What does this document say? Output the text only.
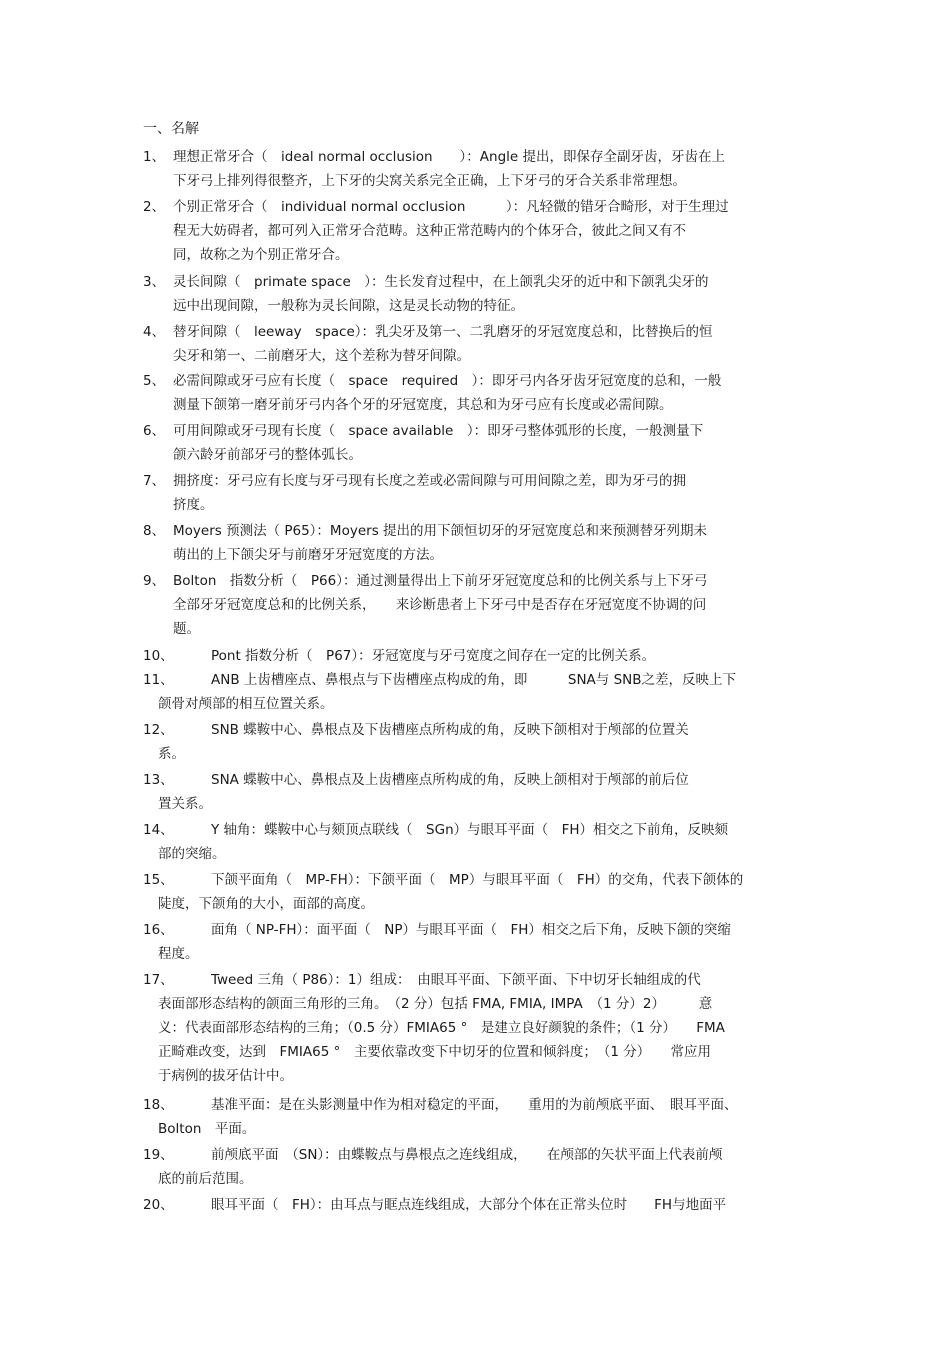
一、名解
1、 理想正常牙合（　ideal normal occlusion　　）：Angle 提出，即保存全副牙齿，牙齿在上
下牙弓上排列得很整齐，上下牙的尖窝关系完全正确，上下牙弓的牙合关系非常理想。
2、 个别正常牙合（　individual normal occlusion　　　）：凡轻微的错牙合畸形，对于生理过
程无大妨碍者，都可列入正常牙合范畴。这种正常范畴内的个体牙合，彼此之间又有不
同，故称之为个别正常牙合。
3、 灵长间隙（　primate space　）：生长发育过程中，在上颌乳尖牙的近中和下颌乳尖牙的
远中出现间隙，一般称为灵长间隙，这是灵长动物的特征。
4、 替牙间隙（　leeway　space）：乳尖牙及第一、二乳磨牙的牙冠宽度总和，比替换后的恒
尖牙和第一、二前磨牙大，这个差称为替牙间隙。
5、 必需间隙或牙弓应有长度（　space　required　）：即牙弓内各牙齿牙冠宽度的总和，一般
测量下颌第一磨牙前牙弓内各个牙的牙冠宽度，其总和为牙弓应有长度或必需间隙。
6、 可用间隙或牙弓现有长度（　space available　）：即牙弓整体弧形的长度，一般测量下
颌六龄牙前部牙弓的整体弧长。
7、 拥挤度：牙弓应有长度与牙弓现有长度之差或必需间隙与可用间隙之差，即为牙弓的拥
挤度。
8、 Moyers 预测法（ P65）：Moyers 提出的用下颌恒切牙的牙冠宽度总和来预测替牙列期未
萌出的上下颌尖牙与前磨牙牙冠宽度的方法。
9、 Bolton　指数分析（　P66）：通过测量得出上下前牙牙冠宽度总和的比例关系与上下牙弓
全部牙牙冠宽度总和的比例关系，　　来诊断患者上下牙弓中是否存在牙冠宽度不协调的问
题。
10、	Pont 指数分析（　P67）：牙冠宽度与牙弓宽度之间存在一定的比例关系。
11、	ANB 上齿槽座点、鼻根点与下齿槽座点构成的角，即　　　SNA与 SNB之差，反映上下
颌骨对颅部的相互位置关系。
12、	SNB 蝶鞍中心、鼻根点及下齿槽座点所构成的角，反映下颌相对于颅部的位置关
系。
13、	SNA 蝶鞍中心、鼻根点及上齿槽座点所构成的角，反映上颌相对于颅部的前后位
置关系。
14、	Y 轴角：蝶鞍中心与颏顶点联线（　SGn）与眼耳平面（　FH）相交之下前角，反映颏
部的突缩。
15、	下颌平面角（　MP-FH）：下颌平面（　MP）与眼耳平面（　FH）的交角，代表下颌体的
陡度，下颌角的大小，面部的高度。
16、	面角（ NP-FH）：面平面（　NP）与眼耳平面（　FH）相交之后下角，反映下颌的突缩
程度。
17、	Tweed 三角（ P86）：1）组成：　由眼耳平面、下颌平面、下中切牙长轴组成的代
表面部形态结构的颌面三角形的三角。　（2 分）包括 FMA, FMIA, IMPA　（1 分）2）　　　意
义：代表面部形态结构的三角；（0.5 分）FMIA65 °　是建立良好颜貌的条件；（1 分）　　FMA
正畸难改变，达到　FMIA65 °　主要依靠改变下中切牙的位置和倾斜度；　（1 分）　　常应用
于病例的拔牙估计中。
18、	基准平面：是在头影测量中作为相对稳定的平面，　　重用的为前颅底平面、　眼耳平面、
Bolton　平面。
19、	前颅底平面　（SN）：由蝶鞍点与鼻根点之连线组成，　　在颅部的矢状平面上代表前颅
底的前后范围。
20、	眼耳平面（　FH）：由耳点与眶点连线组成，大部分个体在正常头位时　　FH与地面平
